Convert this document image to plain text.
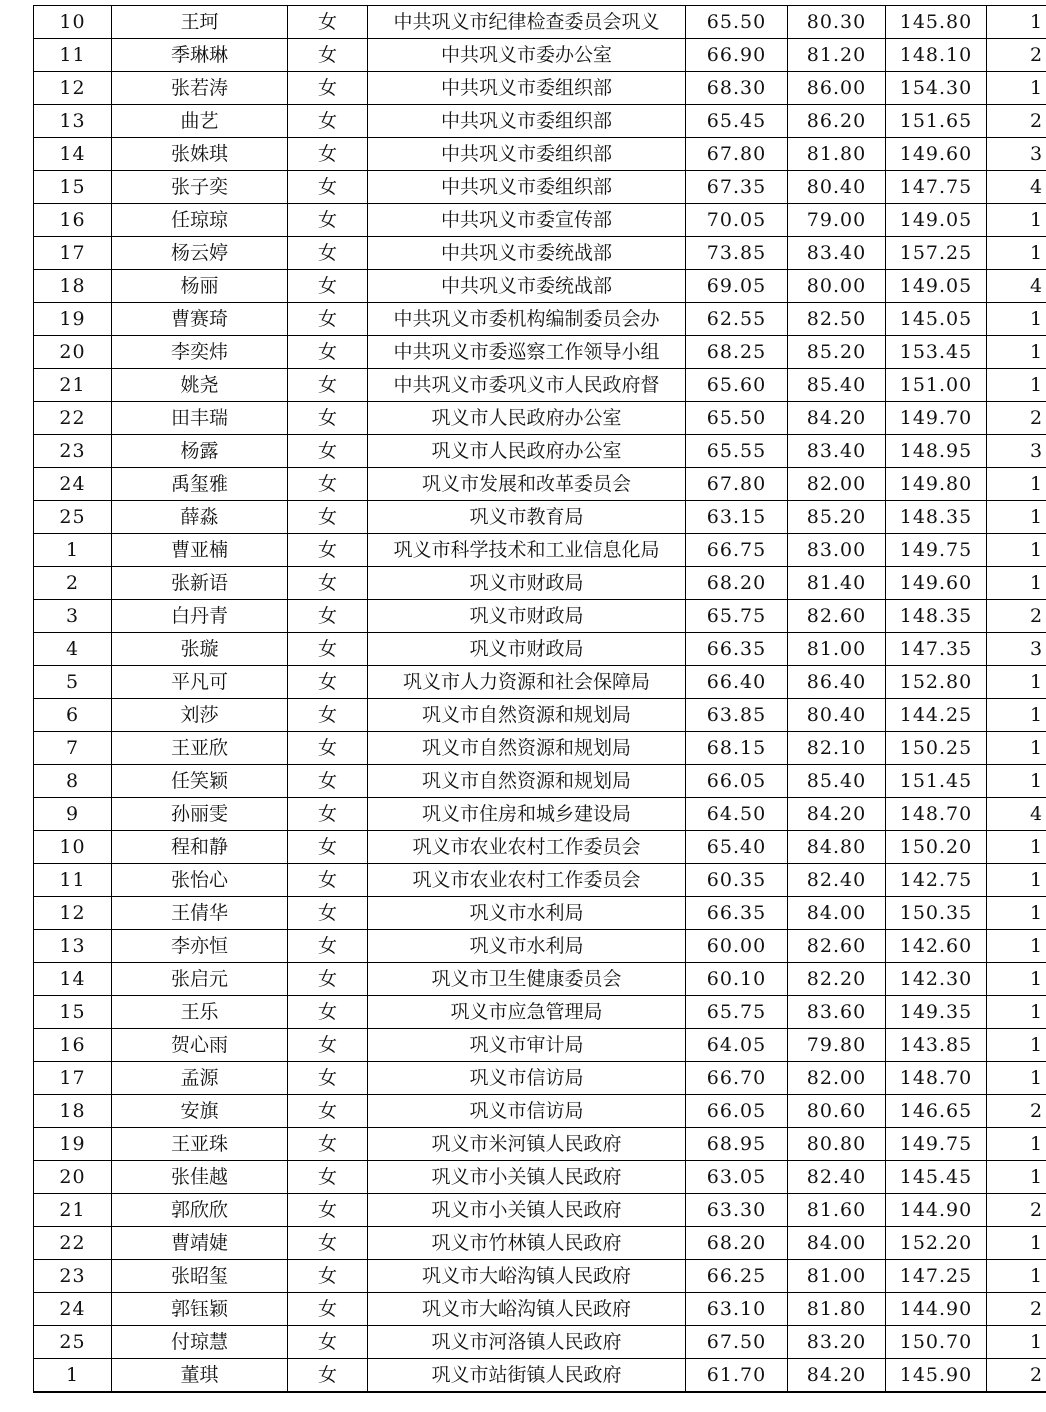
10	王珂	女	中共巩义市纪律检查委员会巩义	65.50	80.30	145.80	1
11	季琳琳	女	中共巩义市委办公室	66.90	81.20	148.10	2
12	张若涛	女	中共巩义市委组织部	68.30	86.00	154.30	1
13	曲艺	女	中共巩义市委组织部	65.45	86.20	151.65	2
14	张姝琪	女	中共巩义市委组织部	67.80	81.80	149.60	3
15	张子奕	女	中共巩义市委组织部	67.35	80.40	147.75	4
16	任琼琼	女	中共巩义市委宣传部	70.05	79.00	149.05	1
17	杨云婷	女	中共巩义市委统战部	73.85	83.40	157.25	1
18	杨丽	女	中共巩义市委统战部	69.05	80.00	149.05	4
19	曹赛琦	女	中共巩义市委机构编制委员会办	62.55	82.50	145.05	1
20	李奕炜	女	中共巩义市委巡察工作领导小组	68.25	85.20	153.45	1
21	姚尧	女	中共巩义市委巩义市人民政府督	65.60	85.40	151.00	1
22	田丰瑞	女	巩义市人民政府办公室	65.50	84.20	149.70	2
23	杨露	女	巩义市人民政府办公室	65.55	83.40	148.95	3
24	禹玺雅	女	巩义市发展和改革委员会	67.80	82.00	149.80	1
25	薛淼	女	巩义市教育局	63.15	85.20	148.35	1
1	曹亚楠	女	巩义市科学技术和工业信息化局	66.75	83.00	149.75	1
2	张新语	女	巩义市财政局	68.20	81.40	149.60	1
3	白丹青	女	巩义市财政局	65.75	82.60	148.35	2
4	张璇	女	巩义市财政局	66.35	81.00	147.35	3
5	平凡可	女	巩义市人力资源和社会保障局	66.40	86.40	152.80	1
6	刘莎	女	巩义市自然资源和规划局	63.85	80.40	144.25	1
7	王亚欣	女	巩义市自然资源和规划局	68.15	82.10	150.25	1
8	任笑颖	女	巩义市自然资源和规划局	66.05	85.40	151.45	1
9	孙丽雯	女	巩义市住房和城乡建设局	64.50	84.20	148.70	4
10	程和静	女	巩义市农业农村工作委员会	65.40	84.80	150.20	1
11	张怡心	女	巩义市农业农村工作委员会	60.35	82.40	142.75	1
12	王倩华	女	巩义市水利局	66.35	84.00	150.35	1
13	李亦恒	女	巩义市水利局	60.00	82.60	142.60	1
14	张启元	女	巩义市卫生健康委员会	60.10	82.20	142.30	1
15	王乐	女	巩义市应急管理局	65.75	83.60	149.35	1
16	贺心雨	女	巩义市审计局	64.05	79.80	143.85	1
17	孟源	女	巩义市信访局	66.70	82.00	148.70	1
18	安旗	女	巩义市信访局	66.05	80.60	146.65	2
19	王亚珠	女	巩义市米河镇人民政府	68.95	80.80	149.75	1
20	张佳越	女	巩义市小关镇人民政府	63.05	82.40	145.45	1
21	郭欣欣	女	巩义市小关镇人民政府	63.30	81.60	144.90	2
22	曹靖婕	女	巩义市竹林镇人民政府	68.20	84.00	152.20	1
23	张昭玺	女	巩义市大峪沟镇人民政府	66.25	81.00	147.25	1
24	郭钰颖	女	巩义市大峪沟镇人民政府	63.10	81.80	144.90	2
25	付琼慧	女	巩义市河洛镇人民政府	67.50	83.20	150.70	1
1	董琪	女	巩义市站街镇人民政府	61.70	84.20	145.90	2
